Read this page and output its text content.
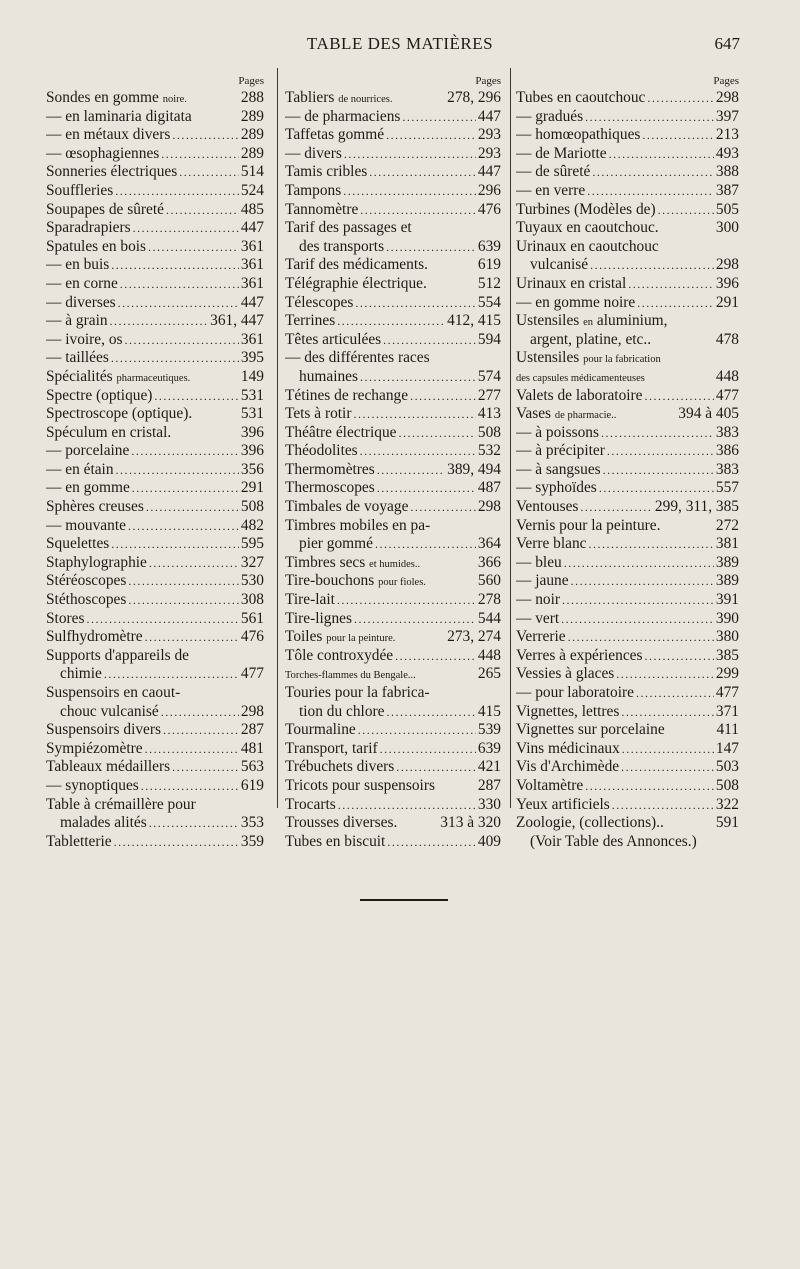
TABLE DES MATIÈRES	647
Pages
Sondes en gomme noire.	288
— en laminaria digitata	289
— en métaux divers .....	289
— œsophagiennes .....	289
Sonneries électriques .....	514
Souffleries .....	524
Soupapes de sûreté .....	485
Sparadrapiers .....	447
Spatules en bois .....	361
— en buis .....	361
— en corne .....	361
— diverses .....	447
— à grain .....	361, 447
— ivoire, os .....	361
— taillées .....	395
Spécialités pharmaceutiques.	149
Spectre (optique) .....	531
Spectroscope (optique).	531
Spéculum en cristal.	396
— porcelaine .....	396
— en étain .....	356
— en gomme .....	291
Sphères creuses .....	508
— mouvante .....	482
Squelettes .....	595
Staphylographie .....	327
Stéréoscopes .....	530
Stéthoscopes .....	308
Stores .....	561
Sulfhydromètre .....	476
Supports d'appareils de
chimie .....	477
Suspensoirs en caout-
chouc vulcanisé .....	298
Suspensoirs divers .....	287
Sympiézomètre .....	481
Tableaux médaillers .....	563
— synoptiques .....	619
Table à crémaillère pour
malades alités .....	353
Tabletterie .....	359
Pages
Tabliers de nourrices.	278, 296
— de pharmaciens .....	447
Taffetas gommé .....	293
— divers .....	293
Tamis cribles .....	447
Tampons .....	296
Tannomètre .....	476
Tarif des passages et
des transports .....	639
Tarif des médicaments.	619
Télégraphie électrique.	512
Télescopes .....	554
Terrines .....	412, 415
Têtes articulées .....	594
— des différentes races
humaines .....	574
Tétines de rechange .....	277
Tets à rotir .....	413
Théâtre électrique .....	508
Théodolites .....	532
Thermomètres .....	389, 494
Thermoscopes .....	487
Timbales de voyage .....	298
Timbres mobiles en pa-
pier gommé .....	364
Timbres secs et humides..	366
Tire-bouchons pour fioles.	560
Tire-lait .....	278
Tire-lignes .....	544
Toiles pour la peinture.	273, 274
Tôle controxydée .....	448
Torches-flammes du Bengale...	265
Touries pour la fabrica-
tion du chlore .....	415
Tourmaline .....	539
Transport, tarif .....	639
Trébuchets divers .....	421
Tricots pour suspensoirs	287
Trocarts .....	330
Trousses diverses.	313 à 320
Tubes en biscuit .....	409
Pages
Tubes en caoutchouc .....	298
— gradués .....	397
— homœopathiques .....	213
— de Mariotte .....	493
— de sûreté .....	388
— en verre .....	387
Turbines (Modèles de) .....	505
Tuyaux en caoutchouc.	300
Urinaux en caoutchouc
vulcanisé .....	298
Urinaux en cristal .....	396
— en gomme noire .....	291
Ustensiles en aluminium,
argent, platine, etc..	478
Ustensiles pour la fabrication
des capsules médicamenteuses	448
Valets de laboratoire .....	477
Vases de pharmacie..	394 à 405
— à poissons .....	383
— à précipiter .....	386
— à sangsues .....	383
— syphoïdes .....	557
Ventouses .....	299, 311, 385
Vernis pour la peinture.	272
Verre blanc .....	381
— bleu .....	389
— jaune .....	389
— noir .....	391
— vert .....	390
Verrerie .....	380
Verres à expériences .....	385
Vessies à glaces .....	299
— pour laboratoire .....	477
Vignettes, lettres .....	371
Vignettes sur porcelaine	411
Vins médicinaux .....	147
Vis d'Archimède .....	503
Voltamètre .....	508
Yeux artificiels .....	322
Zoologie, (collections)..	591
(Voir Table des Annonces.)
